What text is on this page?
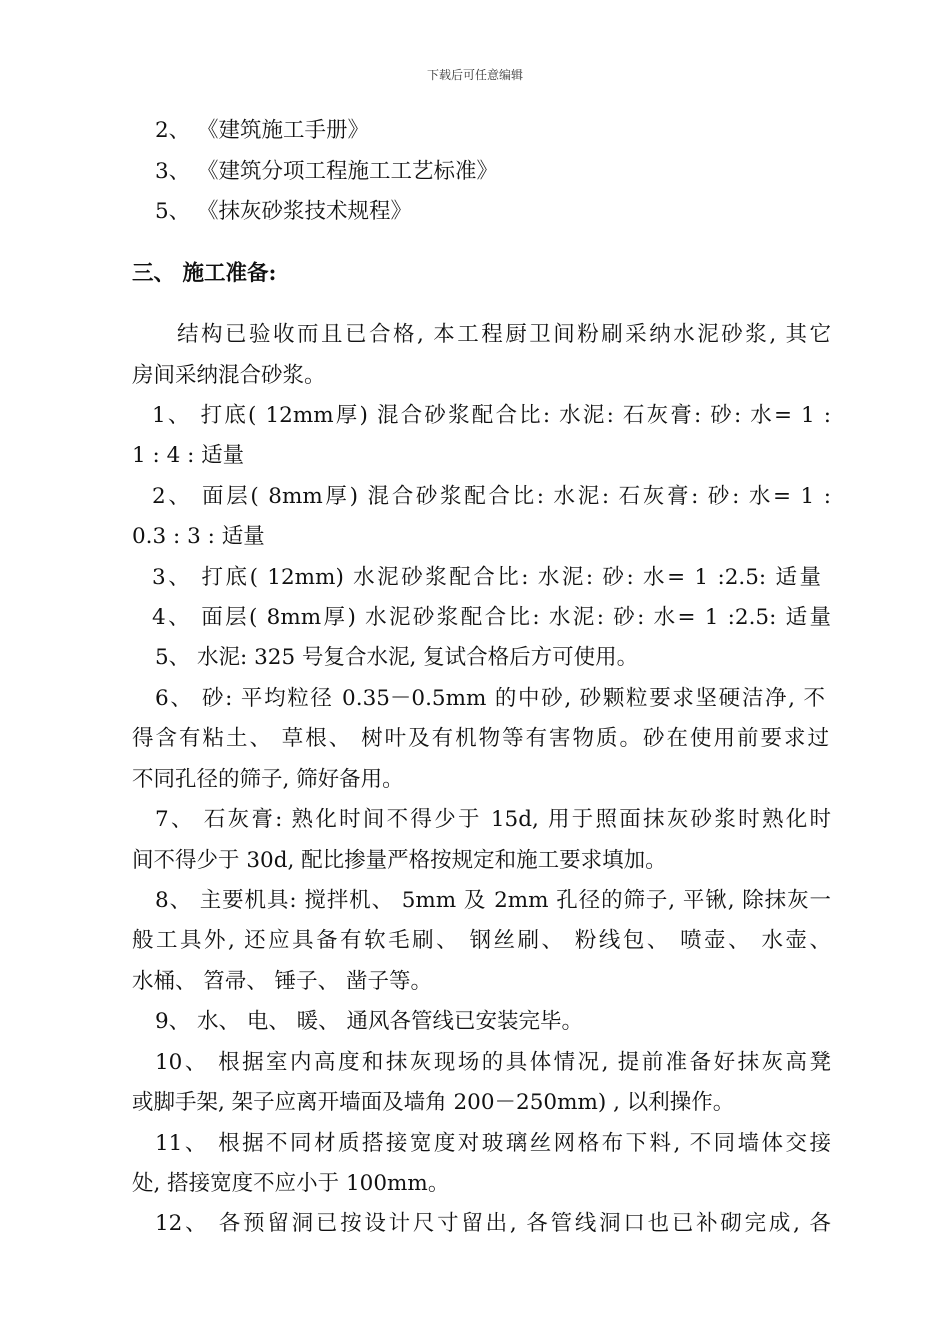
下载后可任意编辑
2、 《建筑施工手册》
3、 《建筑分项工程施工工艺标准》
5、 《抹灰砂浆技术规程》
三、 施工准备:
结构已验收而且已合格, 本工程厨卫间粉刷采纳水泥砂浆, 其它
房间采纳混合砂浆。
1、 打底( 12mm厚) 混合砂浆配合比: 水泥: 石灰膏: 砂: 水= 1 :
1 : 4 : 适量
2、 面层( 8mm厚) 混合砂浆配合比: 水泥: 石灰膏: 砂: 水= 1 :
0.3 : 3 : 适量
3、 打底( 12mm) 水泥砂浆配合比: 水泥: 砂: 水= 1 :2.5: 适量
4、 面层( 8mm厚) 水泥砂浆配合比: 水泥: 砂: 水= 1 :2.5: 适量
5、 水泥: 325 号复合水泥, 复试合格后方可使用。
6、 砂: 平均粒径 0.35－0.5mm 的中砂, 砂颗粒要求坚硬洁净, 不
得含有粘土、 草根、 树叶及有机物等有害物质。砂在使用前要求过
不同孔径的筛子, 筛好备用。
7、 石灰膏: 熟化时间不得少于 15d, 用于照面抹灰砂浆时熟化时
间不得少于 30d, 配比掺量严格按规定和施工要求填加。
8、 主要机具: 搅拌机、 5mm 及 2mm 孔径的筛子, 平锹, 除抹灰一
般工具外, 还应具备有软毛刷、 钢丝刷、 粉线包、 喷壶、 水壶、
水桶、 笤帚、 锤子、 凿子等。
9、 水、 电、 暖、 通风各管线已安装完毕。
10、 根据室内高度和抹灰现场的具体情况, 提前准备好抹灰高凳
或脚手架, 架子应离开墙面及墙角 200－250mm) , 以利操作。
11、 根据不同材质搭接宽度对玻璃丝网格布下料, 不同墙体交接
处, 搭接宽度不应小于 100mm。
12、 各预留洞已按设计尺寸留出, 各管线洞口也已补砌完成, 各
